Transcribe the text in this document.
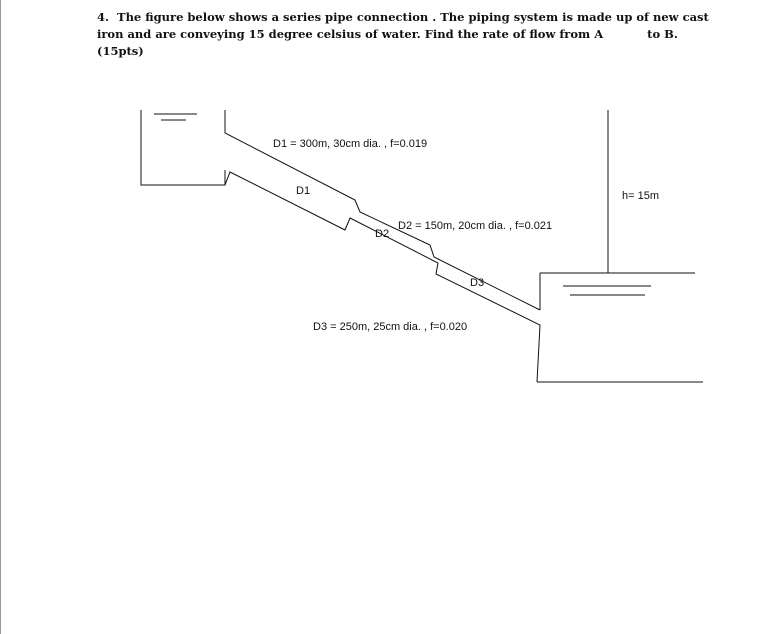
4.  The figure below shows a series pipe connection . The piping system is made up of new cast
iron and are conveying 15 degree celsius of water. Find the rate of flow from A           to B.
(15pts)
D1 = 300m, 30cm dia. , f=0.019
D1
D2 = 150m, 20cm dia. , f=0.021
D2
D3
D3 = 250m, 25cm dia. , f=0.020
h= 15m
